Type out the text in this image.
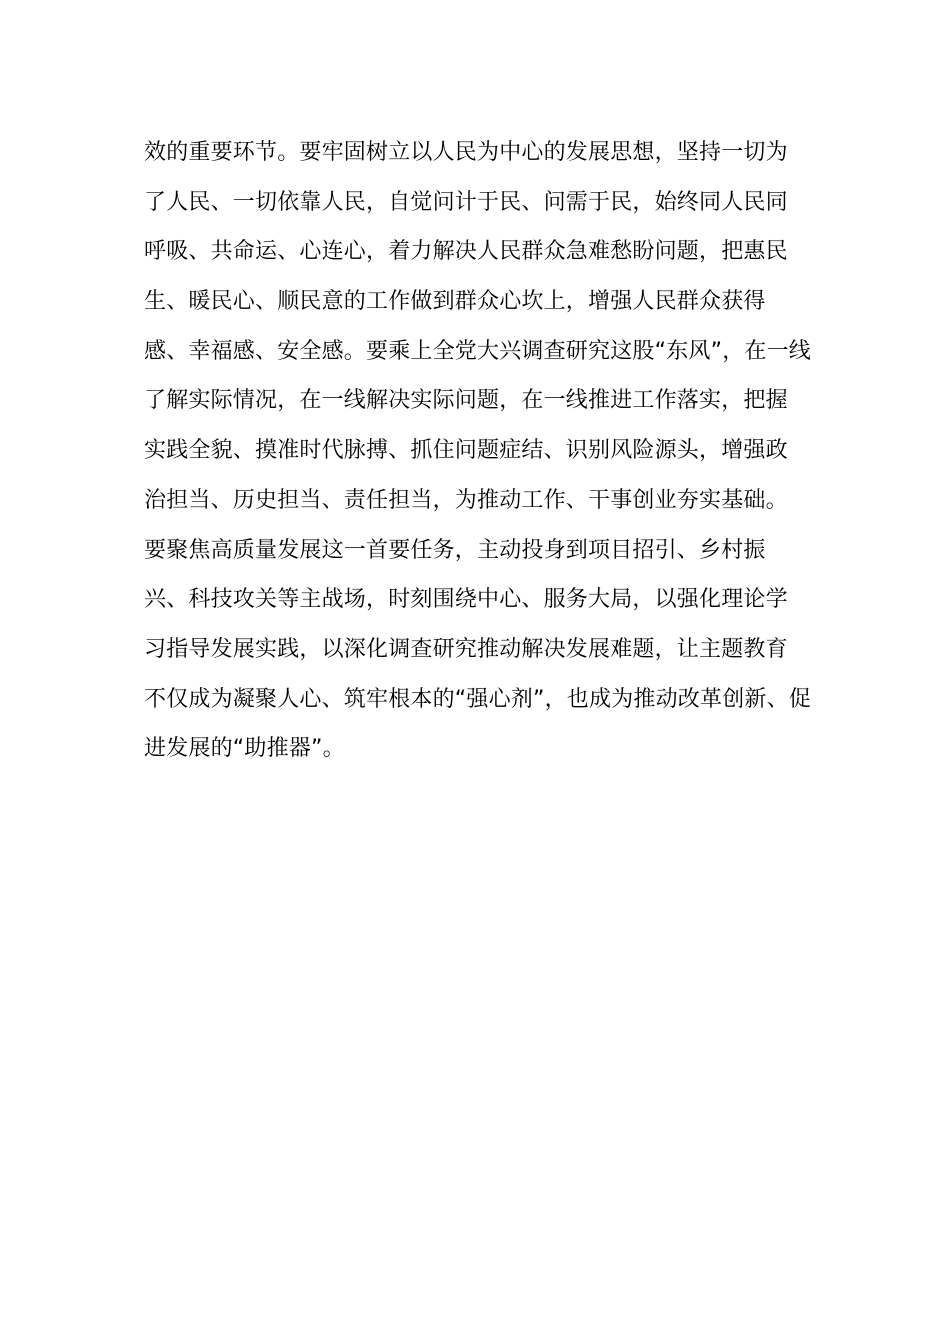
效的重要环节。要牢固树立以人民为中心的发展思想，坚持一切为
了人民、一切依靠人民，自觉问计于民、问需于民，始终同人民同
呼吸、共命运、心连心，着力解决人民群众急难愁盼问题，把惠民
生、暖民心、顺民意的工作做到群众心坎上，增强人民群众获得
感、幸福感、安全感。要乘上全党大兴调查研究这股“东风”，在一线
了解实际情况，在一线解决实际问题，在一线推进工作落实，把握
实践全貌、摸准时代脉搏、抓住问题症结、识别风险源头，增强政
治担当、历史担当、责任担当，为推动工作、干事创业夯实基础。
要聚焦高质量发展这一首要任务，主动投身到项目招引、乡村振
兴、科技攻关等主战场，时刻围绕中心、服务大局，以强化理论学
习指导发展实践，以深化调查研究推动解决发展难题，让主题教育
不仅成为凝聚人心、筑牢根本的“强心剂”，也成为推动改革创新、促
进发展的“助推器”。
